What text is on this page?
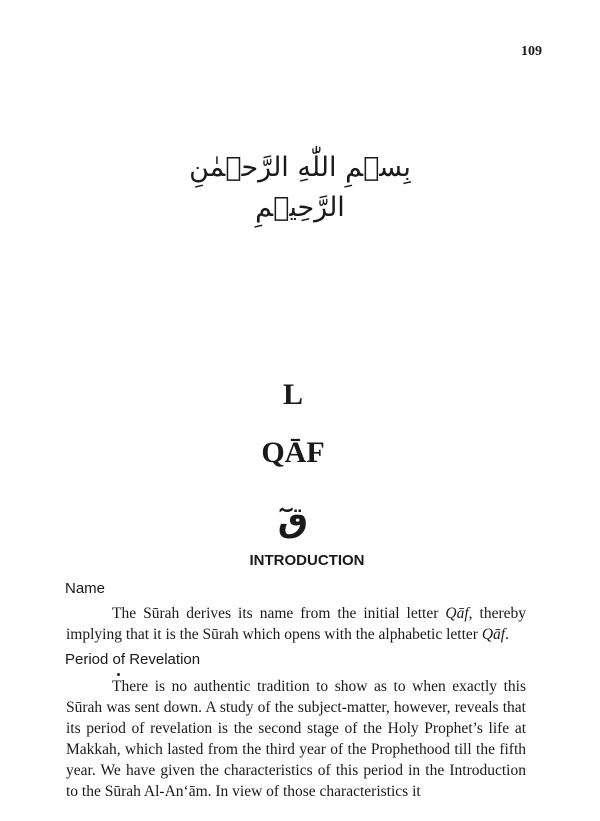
109
بِسۡمِ اللّٰهِ الرَّحۡمٰنِ الرَّحِيۡمِ
L
QĀF
قٓ
INTRODUCTION
Name

The Sūrah derives its name from the initial letter Qāf, thereby implying that it is the Sūrah which opens with the alphabetic letter Qāf.

Period of Revelation

There is no authentic tradition to show as to when exactly this Sūrah was sent down. A study of the subject-matter, however, reveals that its period of revelation is the second stage of the Holy Prophet’s life at Makkah, which lasted from the third year of the Prophethood till the fifth year. We have given the characteristics of this period in the Introduction to the Sūrah Al-An‘ām. In view of those characteristics it
